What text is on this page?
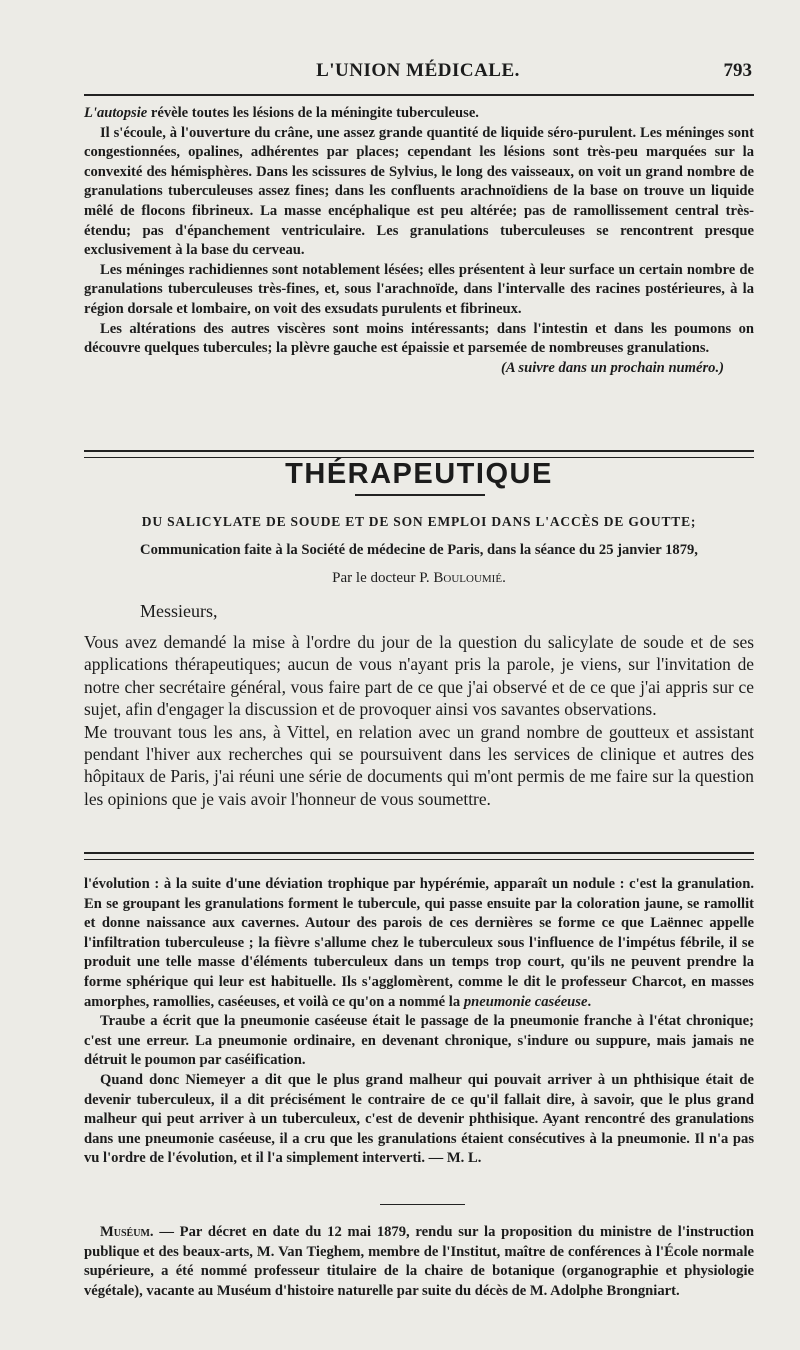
L'UNION MÉDICALE.	793

L'autopsie révèle toutes les lésions de la méningite tuberculeuse.

Il s'écoule, à l'ouverture du crâne, une assez grande quantité de liquide séro-purulent. Les méninges sont congestionnées, opalines, adhérentes par places; cependant les lésions sont très-peu marquées sur la convexité des hémisphères. Dans les scissures de Sylvius, le long des vaisseaux, on voit un grand nombre de granulations tuberculeuses assez fines; dans les confluents arachnoïdiens de la base on trouve un liquide mêlé de flocons fibrineux. La masse encéphalique est peu altérée; pas de ramollissement central très-étendu; pas d'épanchement ventriculaire. Les granulations tuberculeuses se rencontrent presque exclusivement à la base du cerveau.

Les méninges rachidiennes sont notablement lésées; elles présentent à leur surface un certain nombre de granulations tuberculeuses très-fines, et, sous l'arachnoïde, dans l'intervalle des racines postérieures, à la région dorsale et lombaire, on voit des exsudats purulents et fibrineux.

Les altérations des autres viscères sont moins intéressants; dans l'intestin et dans les poumons on découvre quelques tubercules; la plèvre gauche est épaissie et parsemée de nombreuses granulations.

(A suivre dans un prochain numéro.)

THÉRAPEUTIQUE
DU SALICYLATE DE SOUDE ET DE SON EMPLOI DANS L'ACCÈS DE GOUTTE;
Communication faite à la Société de médecine de Paris, dans la séance du 25 janvier 1879,
Par le docteur P. Bouloumié.
Messieurs,

Vous avez demandé la mise à l'ordre du jour de la question du salicylate de soude et de ses applications thérapeutiques; aucun de vous n'ayant pris la parole, je viens, sur l'invitation de notre cher secrétaire général, vous faire part de ce que j'ai observé et de ce que j'ai appris sur ce sujet, afin d'engager la discussion et de provoquer ainsi vos savantes observations.

Me trouvant tous les ans, à Vittel, en relation avec un grand nombre de goutteux et assistant pendant l'hiver aux recherches qui se poursuivent dans les services de clinique et autres des hôpitaux de Paris, j'ai réuni une série de documents qui m'ont permis de me faire sur la question les opinions que je vais avoir l'honneur de vous soumettre.

l'évolution : à la suite d'une déviation trophique par hypérémie, apparaît un nodule : c'est la granulation. En se groupant les granulations forment le tubercule, qui passe ensuite par la coloration jaune, se ramollit et donne naissance aux cavernes. Autour des parois de ces dernières se forme ce que Laënnec appelle l'infiltration tuberculeuse ; la fièvre s'allume chez le tuberculeux sous l'influence de l'impétus fébrile, il se produit une telle masse d'éléments tuberculeux dans un temps trop court, qu'ils ne peuvent prendre la forme sphérique qui leur est habituelle. Ils s'agglomèrent, comme le dit le professeur Charcot, en masses amorphes, ramollies, caséeuses, et voilà ce qu'on a nommé la pneumonie caséeuse.

Traube a écrit que la pneumonie caséeuse était le passage de la pneumonie franche à l'état chronique; c'est une erreur. La pneumonie ordinaire, en devenant chronique, s'indure ou suppure, mais jamais ne détruit le poumon par caséification.

Quand donc Niemeyer a dit que le plus grand malheur qui pouvait arriver à un phthisique était de devenir tuberculeux, il a dit précisément le contraire de ce qu'il fallait dire, à savoir, que le plus grand malheur qui peut arriver à un tuberculeux, c'est de devenir phthisique. Ayant rencontré des granulations dans une pneumonie caséeuse, il a cru que les granulations étaient consécutives à la pneumonie. Il n'a pas vu l'ordre de l'évolution, et il l'a simplement interverti. — M. L.

Muséum. — Par décret en date du 12 mai 1879, rendu sur la proposition du ministre de l'instruction publique et des beaux-arts, M. Van Tieghem, membre de l'Institut, maître de conférences à l'École normale supérieure, a été nommé professeur titulaire de la chaire de botanique (organographie et physiologie végétale), vacante au Muséum d'histoire naturelle par suite du décès de M. Adolphe Brongniart.
